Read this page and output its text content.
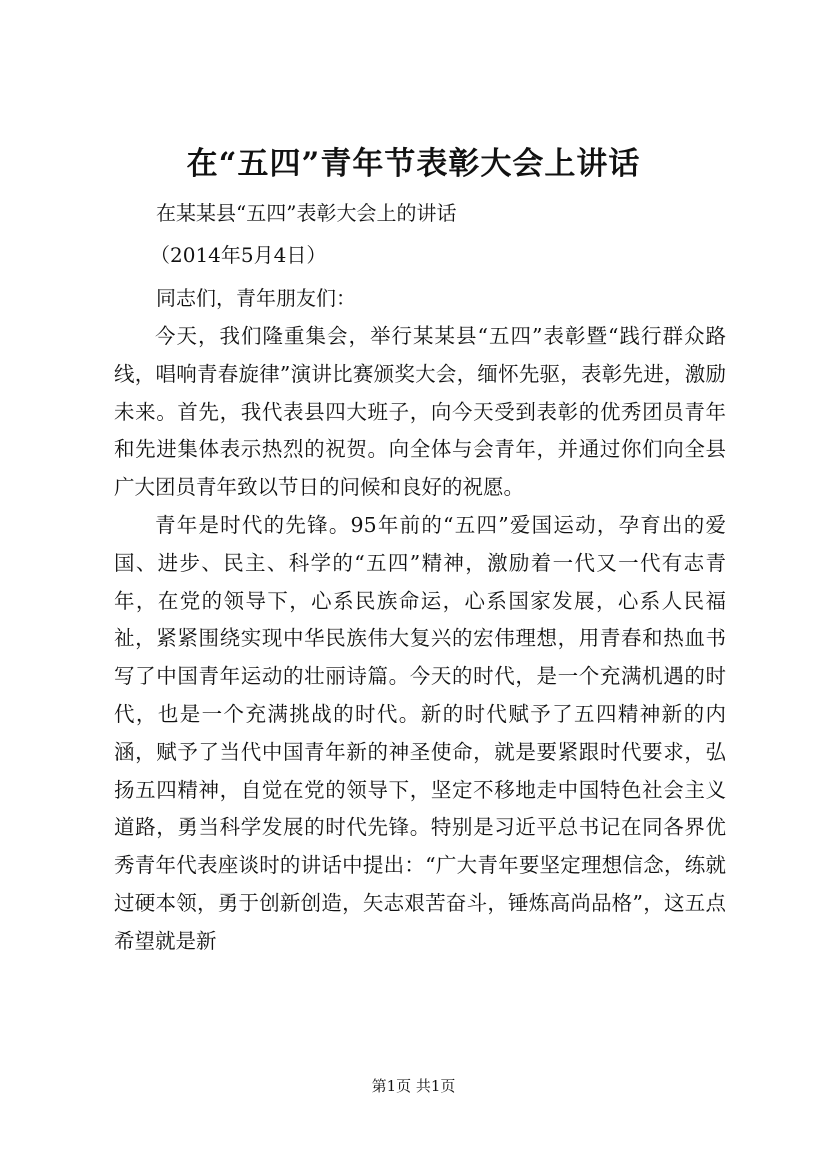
在“五四”青年节表彰大会上讲话
在某某县“五四”表彰大会上的讲话
（2014年5月4日）
同志们，青年朋友们：

今天，我们隆重集会，举行某某县“五四”表彰暨“践行群众路线，唱响青春旋律”演讲比赛颁奖大会，缅怀先驱，表彰先进，激励未来。首先，我代表县四大班子，向今天受到表彰的优秀团员青年和先进集体表示热烈的祝贺。向全体与会青年，并通过你们向全县广大团员青年致以节日的问候和良好的祝愿。

青年是时代的先锋。95年前的“五四”爱国运动，孕育出的爱国、进步、民主、科学的“五四”精神，激励着一代又一代有志青年，在党的领导下，心系民族命运，心系国家发展，心系人民福祉，紧紧围绕实现中华民族伟大复兴的宏伟理想，用青春和热血书写了中国青年运动的壮丽诗篇。今天的时代，是一个充满机遇的时代，也是一个充满挑战的时代。新的时代赋予了五四精神新的内涵，赋予了当代中国青年新的神圣使命，就是要紧跟时代要求，弘扬五四精神，自觉在党的领导下，坚定不移地走中国特色社会主义道路，勇当科学发展的时代先锋。特别是习近平总书记在同各界优秀青年代表座谈时的讲话中提出：“广大青年要坚定理想信念，练就过硬本领，勇于创新创造，矢志艰苦奋斗，锤炼高尚品格”，这五点希望就是新

第1页 共1页
